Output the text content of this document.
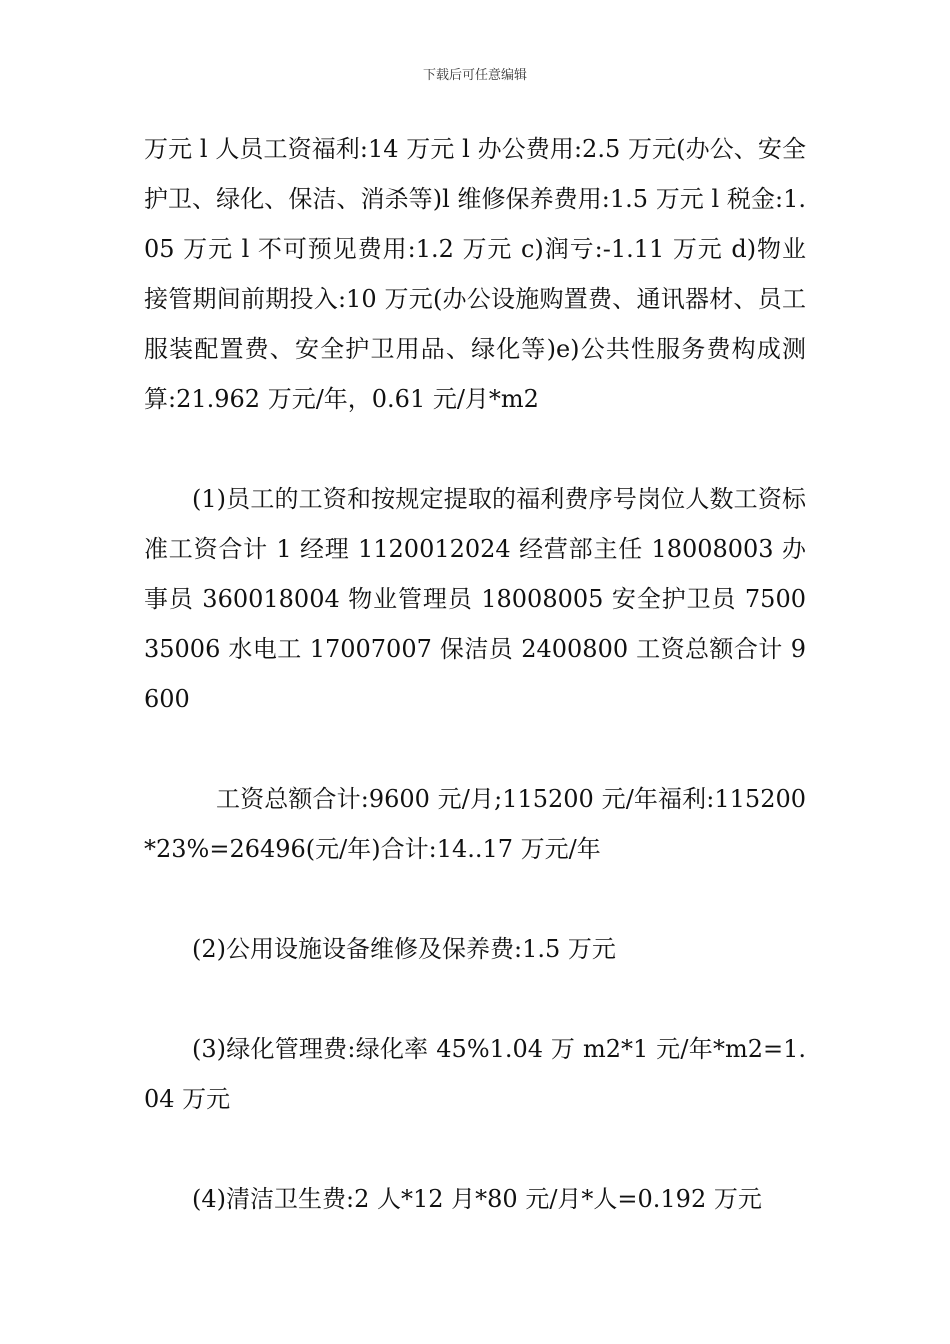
下载后可任意编辑

万元 l 人员工资福利:14 万元 l 办公费用:2.5 万元(办公、安全护卫、绿化、保洁、消杀等)l 维修保养费用:1.5 万元 l 税金:1.05 万元 l 不可预见费用:1.2 万元 c)润亏:-1.11 万元 d)物业接管期间前期投入:10 万元(办公设施购置费、通讯器材、员工服装配置费、安全护卫用品、绿化等)e)公共性服务费构成测算:21.962 万元/年，0.61 元/月*m2

(1)员工的工资和按规定提取的福利费序号岗位人数工资标准工资合计 1 经理 1120012024 经营部主任 18008003 办事员 360018004 物业管理员 18008005 安全护卫员 750035006 水电工 17007007 保洁员 2400800 工资总额合计 9600

工资总额合计:9600 元/月;115200 元/年福利:115200*23%=26496(元/年)合计:14..17 万元/年

(2)公用设施设备维修及保养费:1.5 万元

(3)绿化管理费:绿化率 45%1.04 万 m2*1 元/年*m2=1.04 万元

(4)清洁卫生费:2 人*12 月*80 元/月*人=0.192 万元
